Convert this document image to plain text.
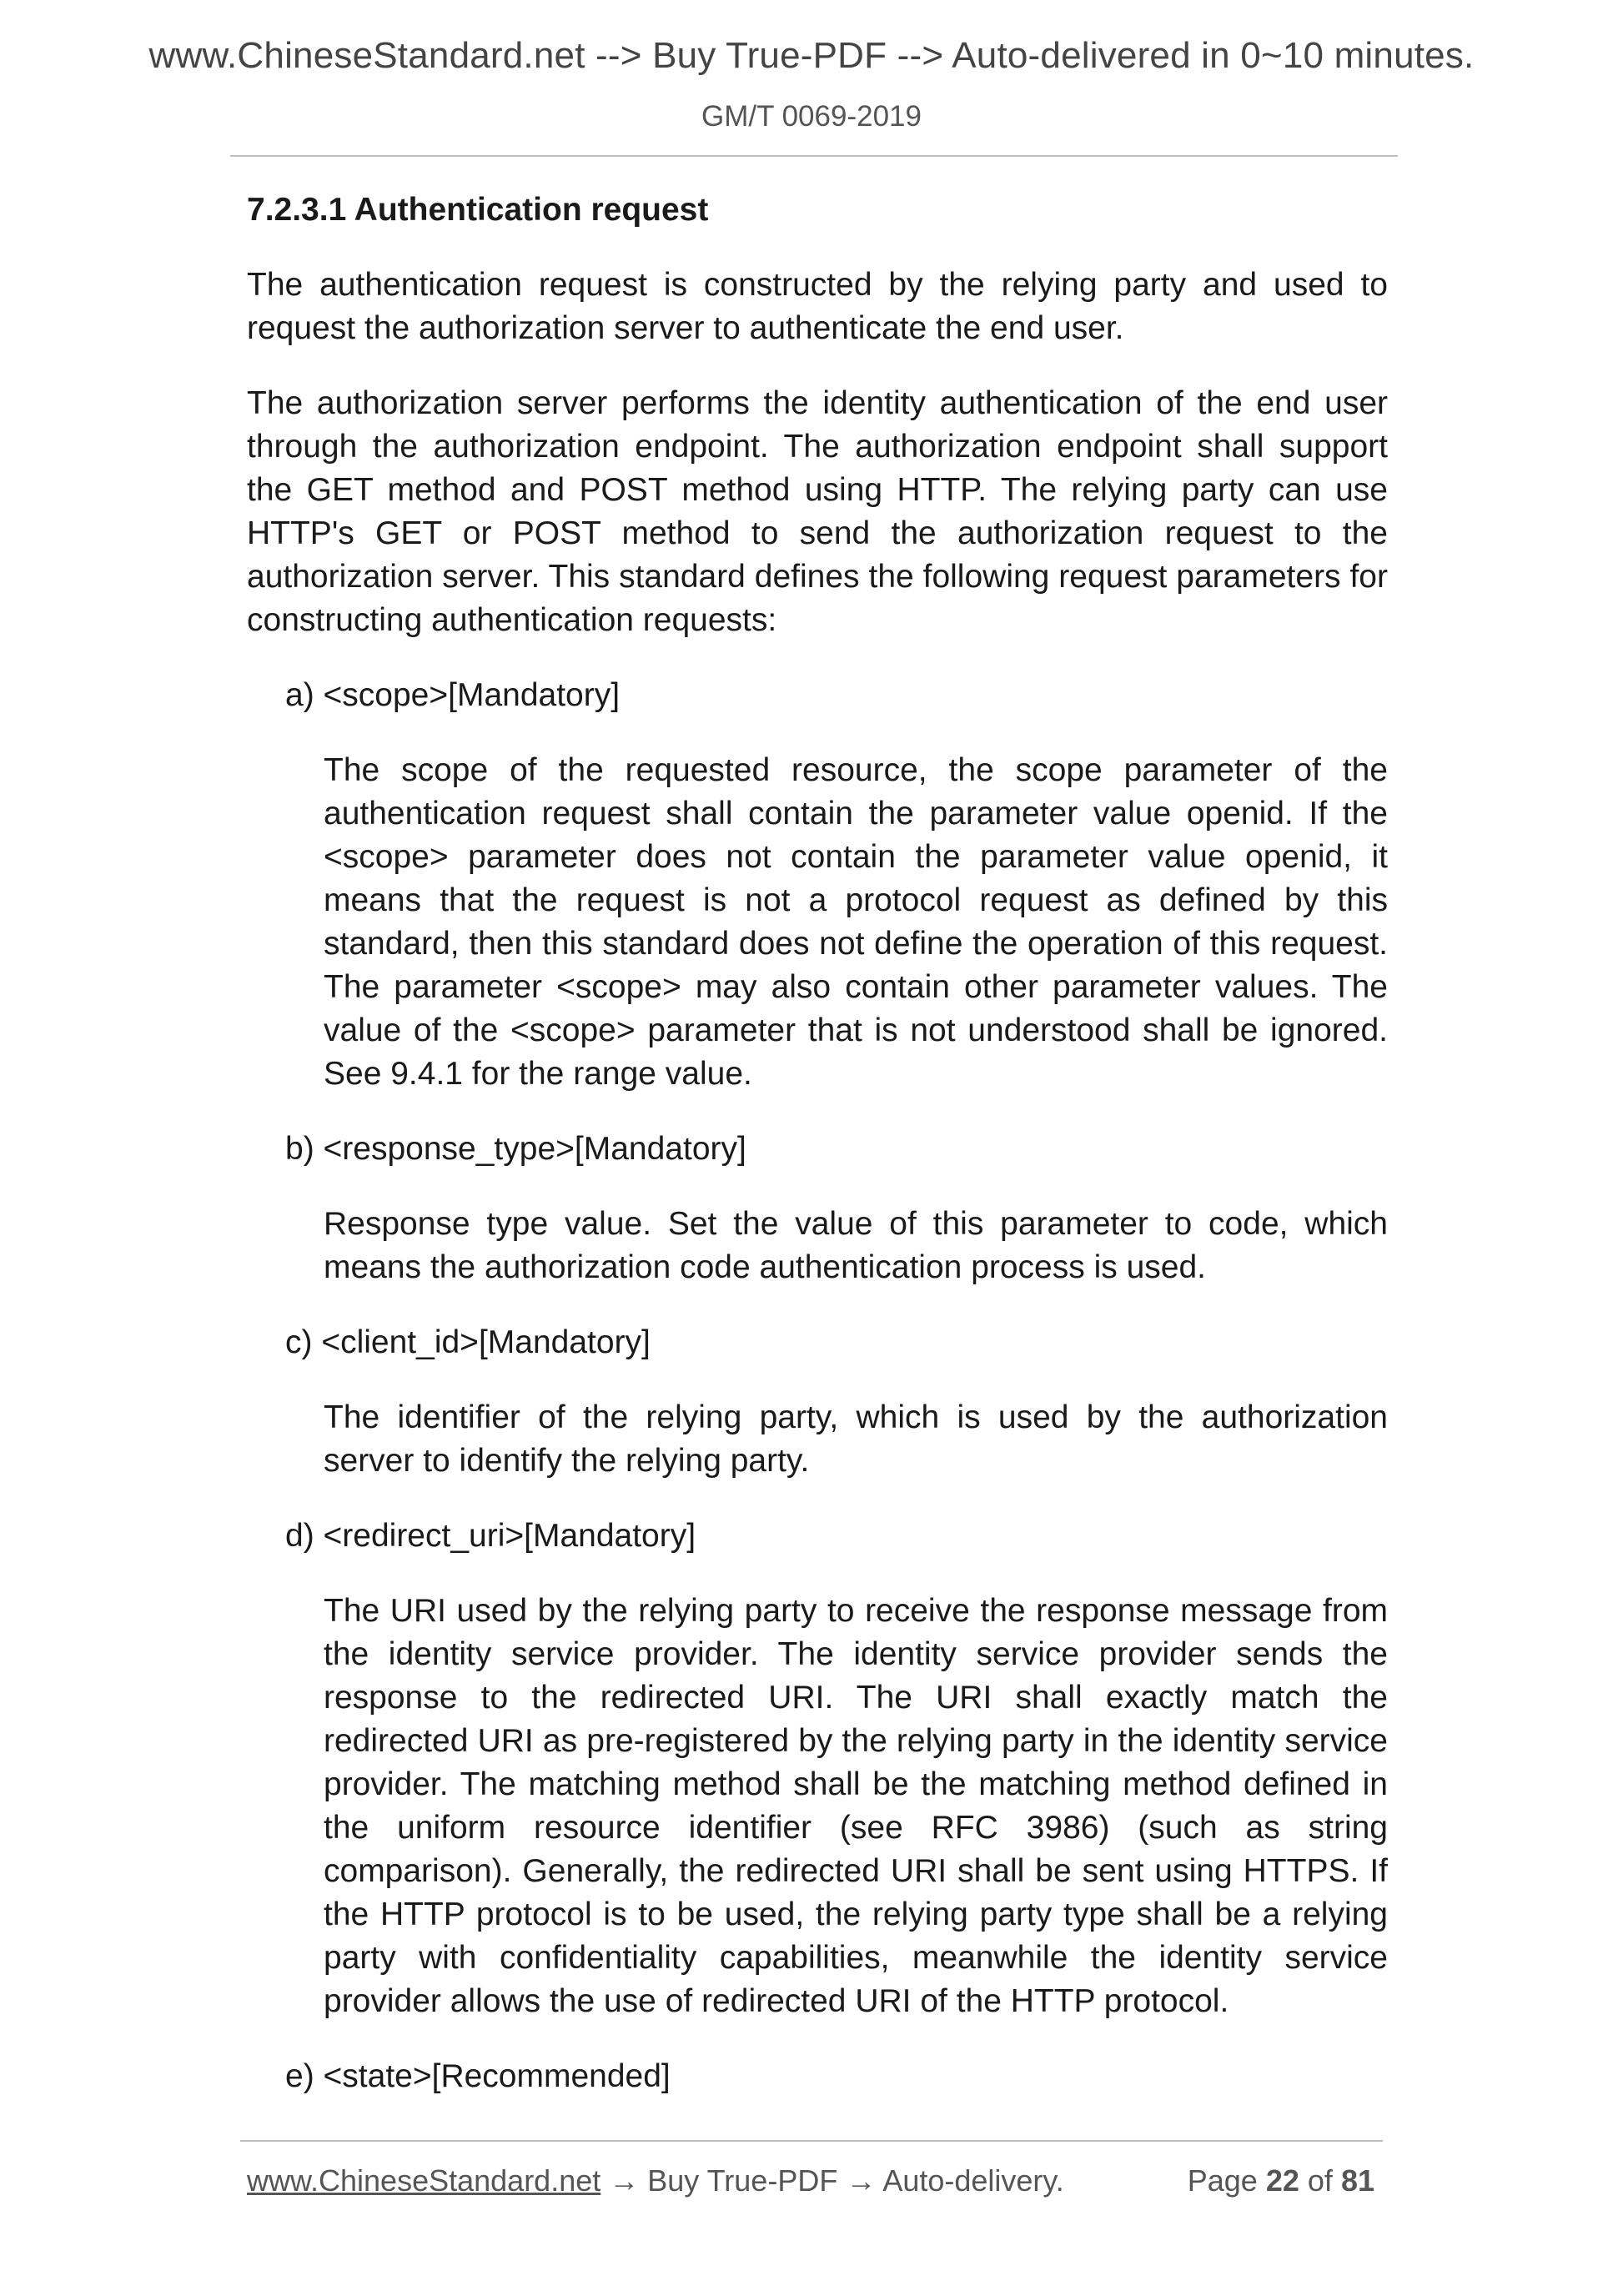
www.ChineseStandard.net --> Buy True-PDF --> Auto-delivered in 0~10 minutes.
GM/T 0069-2019
7.2.3.1 Authentication request

The authentication request is constructed by the relying party and used to request the authorization server to authenticate the end user.

The authorization server performs the identity authentication of the end user through the authorization endpoint. The authorization endpoint shall support the GET method and POST method using HTTP. The relying party can use HTTP's GET or POST method to send the authorization request to the authorization server. This standard defines the following request parameters for constructing authentication requests:

a) <scope>[Mandatory]
The scope of the requested resource, the scope parameter of the authentication request shall contain the parameter value openid. If the <scope> parameter does not contain the parameter value openid, it means that the request is not a protocol request as defined by this standard, then this standard does not define the operation of this request. The parameter <scope> may also contain other parameter values. The value of the <scope> parameter that is not understood shall be ignored. See 9.4.1 for the range value.
b) <response_type>[Mandatory]
Response type value. Set the value of this parameter to code, which means the authorization code authentication process is used.
c) <client_id>[Mandatory]
The identifier of the relying party, which is used by the authorization server to identify the relying party.
d) <redirect_uri>[Mandatory]
The URI used by the relying party to receive the response message from the identity service provider. The identity service provider sends the response to the redirected URI. The URI shall exactly match the redirected URI as pre-registered by the relying party in the identity service provider. The matching method shall be the matching method defined in the uniform resource identifier (see RFC 3986) (such as string comparison). Generally, the redirected URI shall be sent using HTTPS. If the HTTP protocol is to be used, the relying party type shall be a relying party with confidentiality capabilities, meanwhile the identity service provider allows the use of redirected URI of the HTTP protocol.
e) <state>[Recommended]
www.ChineseStandard.net → Buy True-PDF → Auto-delivery.	Page 22 of 81
